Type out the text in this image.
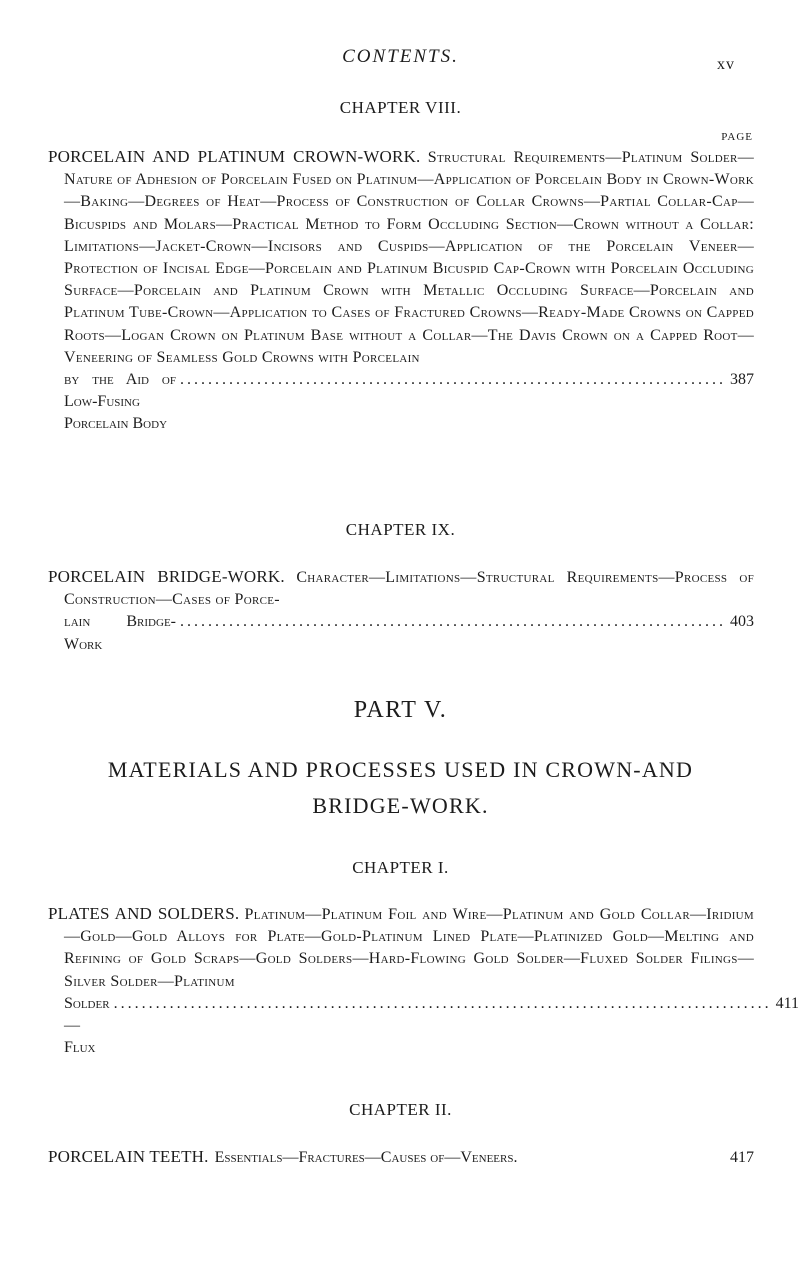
CONTENTS.	xv
CHAPTER VIII.
PAGE

PORCELAIN AND PLATINUM CROWN-WORK. Structural Requirements—Platinum Solder—Nature of Adhesion of Porcelain Fused on Platinum—Application of Porcelain Body in Crown-Work—Baking—Degrees of Heat—Process of Construction of Collar Crowns—Partial Collar-Cap—Bicuspids and Molars—Practical Method to Form Occluding Section—Crown without a Collar: Limitations—Jacket-Crown—Incisors and Cuspids—Application of the Porcelain Veneer—Protection of Incisal Edge—Porcelain and Platinum Bicuspid Cap-Crown with Porcelain Occluding Surface—Porcelain and Platinum Crown with Metallic Occluding Surface—Porcelain and Platinum Tube-Crown—Application to Cases of Fractured Crowns—Ready-Made Crowns on Capped Roots—Logan Crown on Platinum Base without a Collar—The Davis Crown on a Capped Root—Veneering of Seamless Gold Crowns with Porcelain

by the Aid of Low-Fusing Porcelain Body
.............................................................................. 387
CHAPTER IX.

PORCELAIN BRIDGE-WORK. Character—Limitations—Structural Requirements—Process of Construction—Cases of Porce-

lain Bridge-Work
.............................................................................. 403
PART V.
MATERIALS AND PROCESSES USED IN CROWN-AND BRIDGE-WORK.
CHAPTER I.

PLATES AND SOLDERS. Platinum—Platinum Foil and Wire—Platinum and Gold Collar—Iridium—Gold—Gold Alloys for Plate—Gold-Platinum Lined Plate—Platinized Gold—Melting and Refining of Gold Scraps—Gold Solders—Hard-Flowing Gold Solder—Fluxed Solder Filings—Silver Solder—Platinum

Solder—Flux
.............................................................................................. 411
CHAPTER II.
PORCELAIN TEETH. Essentials—Fractures—Causes of—Veneers.	417
